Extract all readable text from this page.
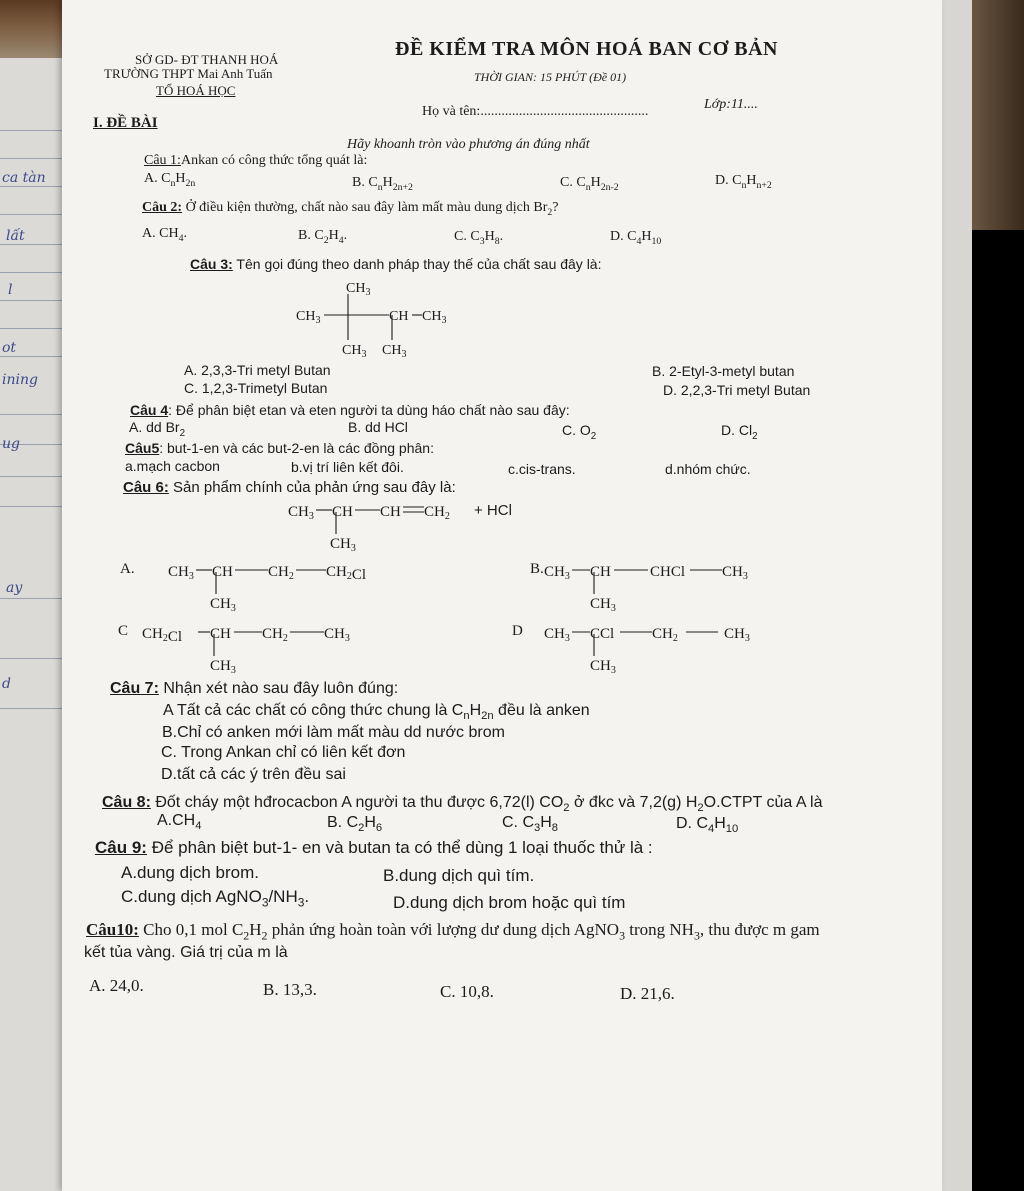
ca tàn
lất
l
ot
ining
ug
ay
d
SỞ GD- ĐT THANH HOÁ
TRƯỜNG THPT Mai Anh Tuấn
TỔ HOÁ HỌC
ĐỀ KIỂM TRA MÔN HOÁ BAN CƠ BẢN
THỜI GIAN: 15 PHÚT (Đề 01)
Họ và tên:................................................	Lớp:11....
I. ĐỀ BÀI
Hãy khoanh tròn vào phương án đúng nhất
Câu 1:Ankan có công thức tổng quát là:
A. $C_nH_{2n}$	B. $C_nH_{2n+2}$	C. $C_nH_{2n-2}$	D. $C_nH_{n+2}$
Câu 2: Ở điều kiện thường, chất nào sau đây làm mất màu dung dịch $Br_2$?
A. $CH_4$.	B. $C_2H_4$.	C. $C_3H_8$.	D. $C_4H_{10}$
Câu 3: Tên gọi đúng theo danh pháp thay thế của chất sau đây là:
$CH_3$
$CH_3$	CH $CH_3$
$CH_3$ $CH_3$
A. 2,3,3-Tri metyl Butan	B. 2-Etyl-3-metyl butan
C. 1,2,3-Trimetyl Butan	D. 2,2,3-Tri metyl Butan
Câu 4: Để phân biệt etan và eten người ta dùng háo chất nào sau đây:
A. dd $Br_2$	B. dd HCl	C. $O_2$	D. $Cl_2$
Câu5: but-1-en và các but-2-en là các đồng phân:
a.mạch cacbon	b.vị trí liên kết đôi.	c.cis-trans.	d.nhóm chức.
Câu 6: Sản phẩm chính của phản ứng sau đây là:
$CH_3$ CH CH $CH_2$
$CH_3$
+ HCl
A. $CH_3$ CH $CH_2$ $CH_2Cl$
$CH_3$
B. $CH_3$ CH	CHCl $CH_3$
$CH_3$
C $CH_2Cl$ CH $CH_2$ $CH_3$
$CH_3$
D $CH_3$ CCl	$CH_2$	$CH_3$
$CH_3$
Câu 7: Nhận xét nào sau đây luôn đúng:
A Tất cả các chất có công thức chung là $C_nH_{2n}$ đều là anken
B.Chỉ có anken mới làm mất màu dd nước brom
C. Trong Ankan chỉ có liên kết đơn
D.tất cả các ý trên đều sai
Câu 8: Đốt cháy một hđrocacbon A người ta thu được 6,72(l) $CO_2$ ở đkc và 7,2(g) $H_2O.CTPT$ của A là
$A.CH_4$	B. $C_2H_6$	C. $C_3H_8$	D. $C_4H_{10}$
Câu 9: Để phân biệt but-1- en và butan ta có thể dùng 1 loại thuốc thử là :
A.dung dịch brom.	B.dung dịch quì tím.
C.dung dịch $AgNO_3/NH_3$.	D.dung dịch brom hoặc quì tím
Câu10: Cho 0,1 mol $C_2H_2$ phản ứng hoàn toàn với lượng dư dung dịch AgNO$_3$ trong $NH_3$, thu được m gam
kết tủa vàng. Giá trị của m là
A. 24,0.	B. 13,3.	C. 10,8.	D. 21,6.
